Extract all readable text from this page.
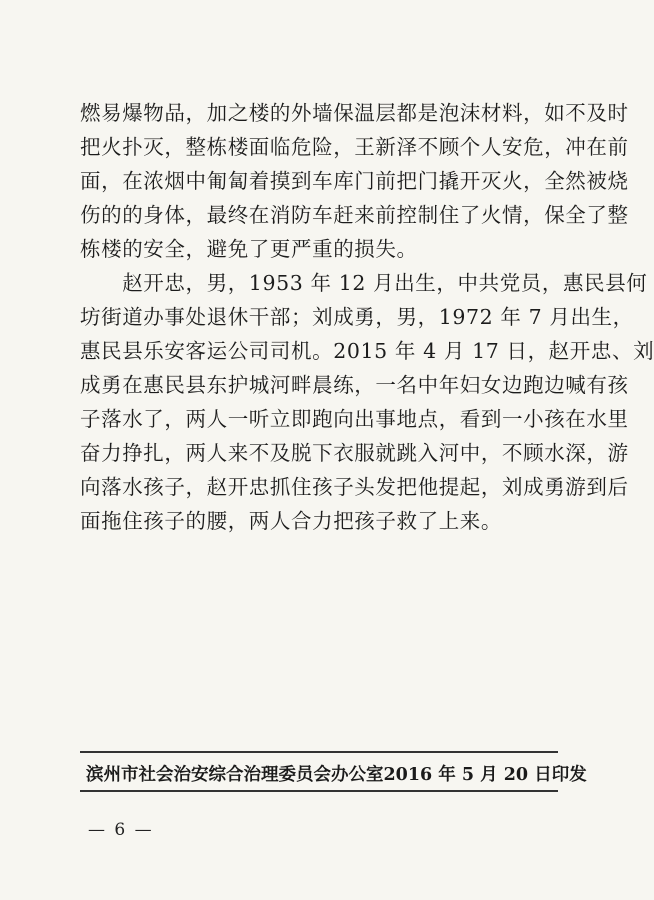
燃易爆物品，加之楼的外墙保温层都是泡沫材料，如不及时
把火扑灭，整栋楼面临危险，王新泽不顾个人安危，冲在前
面，在浓烟中匍匐着摸到车库门前把门撬开灭火，全然被烧
伤的的身体，最终在消防车赶来前控制住了火情，保全了整
栋楼的安全，避免了更严重的损失。
　　赵开忠，男，1953 年 12 月出生，中共党员，惠民县何
坊街道办事处退休干部；刘成勇，男，1972 年 7 月出生，
惠民县乐安客运公司司机。2015 年 4 月 17 日，赵开忠、刘
成勇在惠民县东护城河畔晨练，一名中年妇女边跑边喊有孩
子落水了，两人一听立即跑向出事地点，看到一小孩在水里
奋力挣扎，两人来不及脱下衣服就跳入河中，不顾水深，游
向落水孩子，赵开忠抓住孩子头发把他提起，刘成勇游到后
面拖住孩子的腰，两人合力把孩子救了上来。
滨州市社会治安综合治理委员会办公室 2016 年 5 月 20 日印发
— 6 —
